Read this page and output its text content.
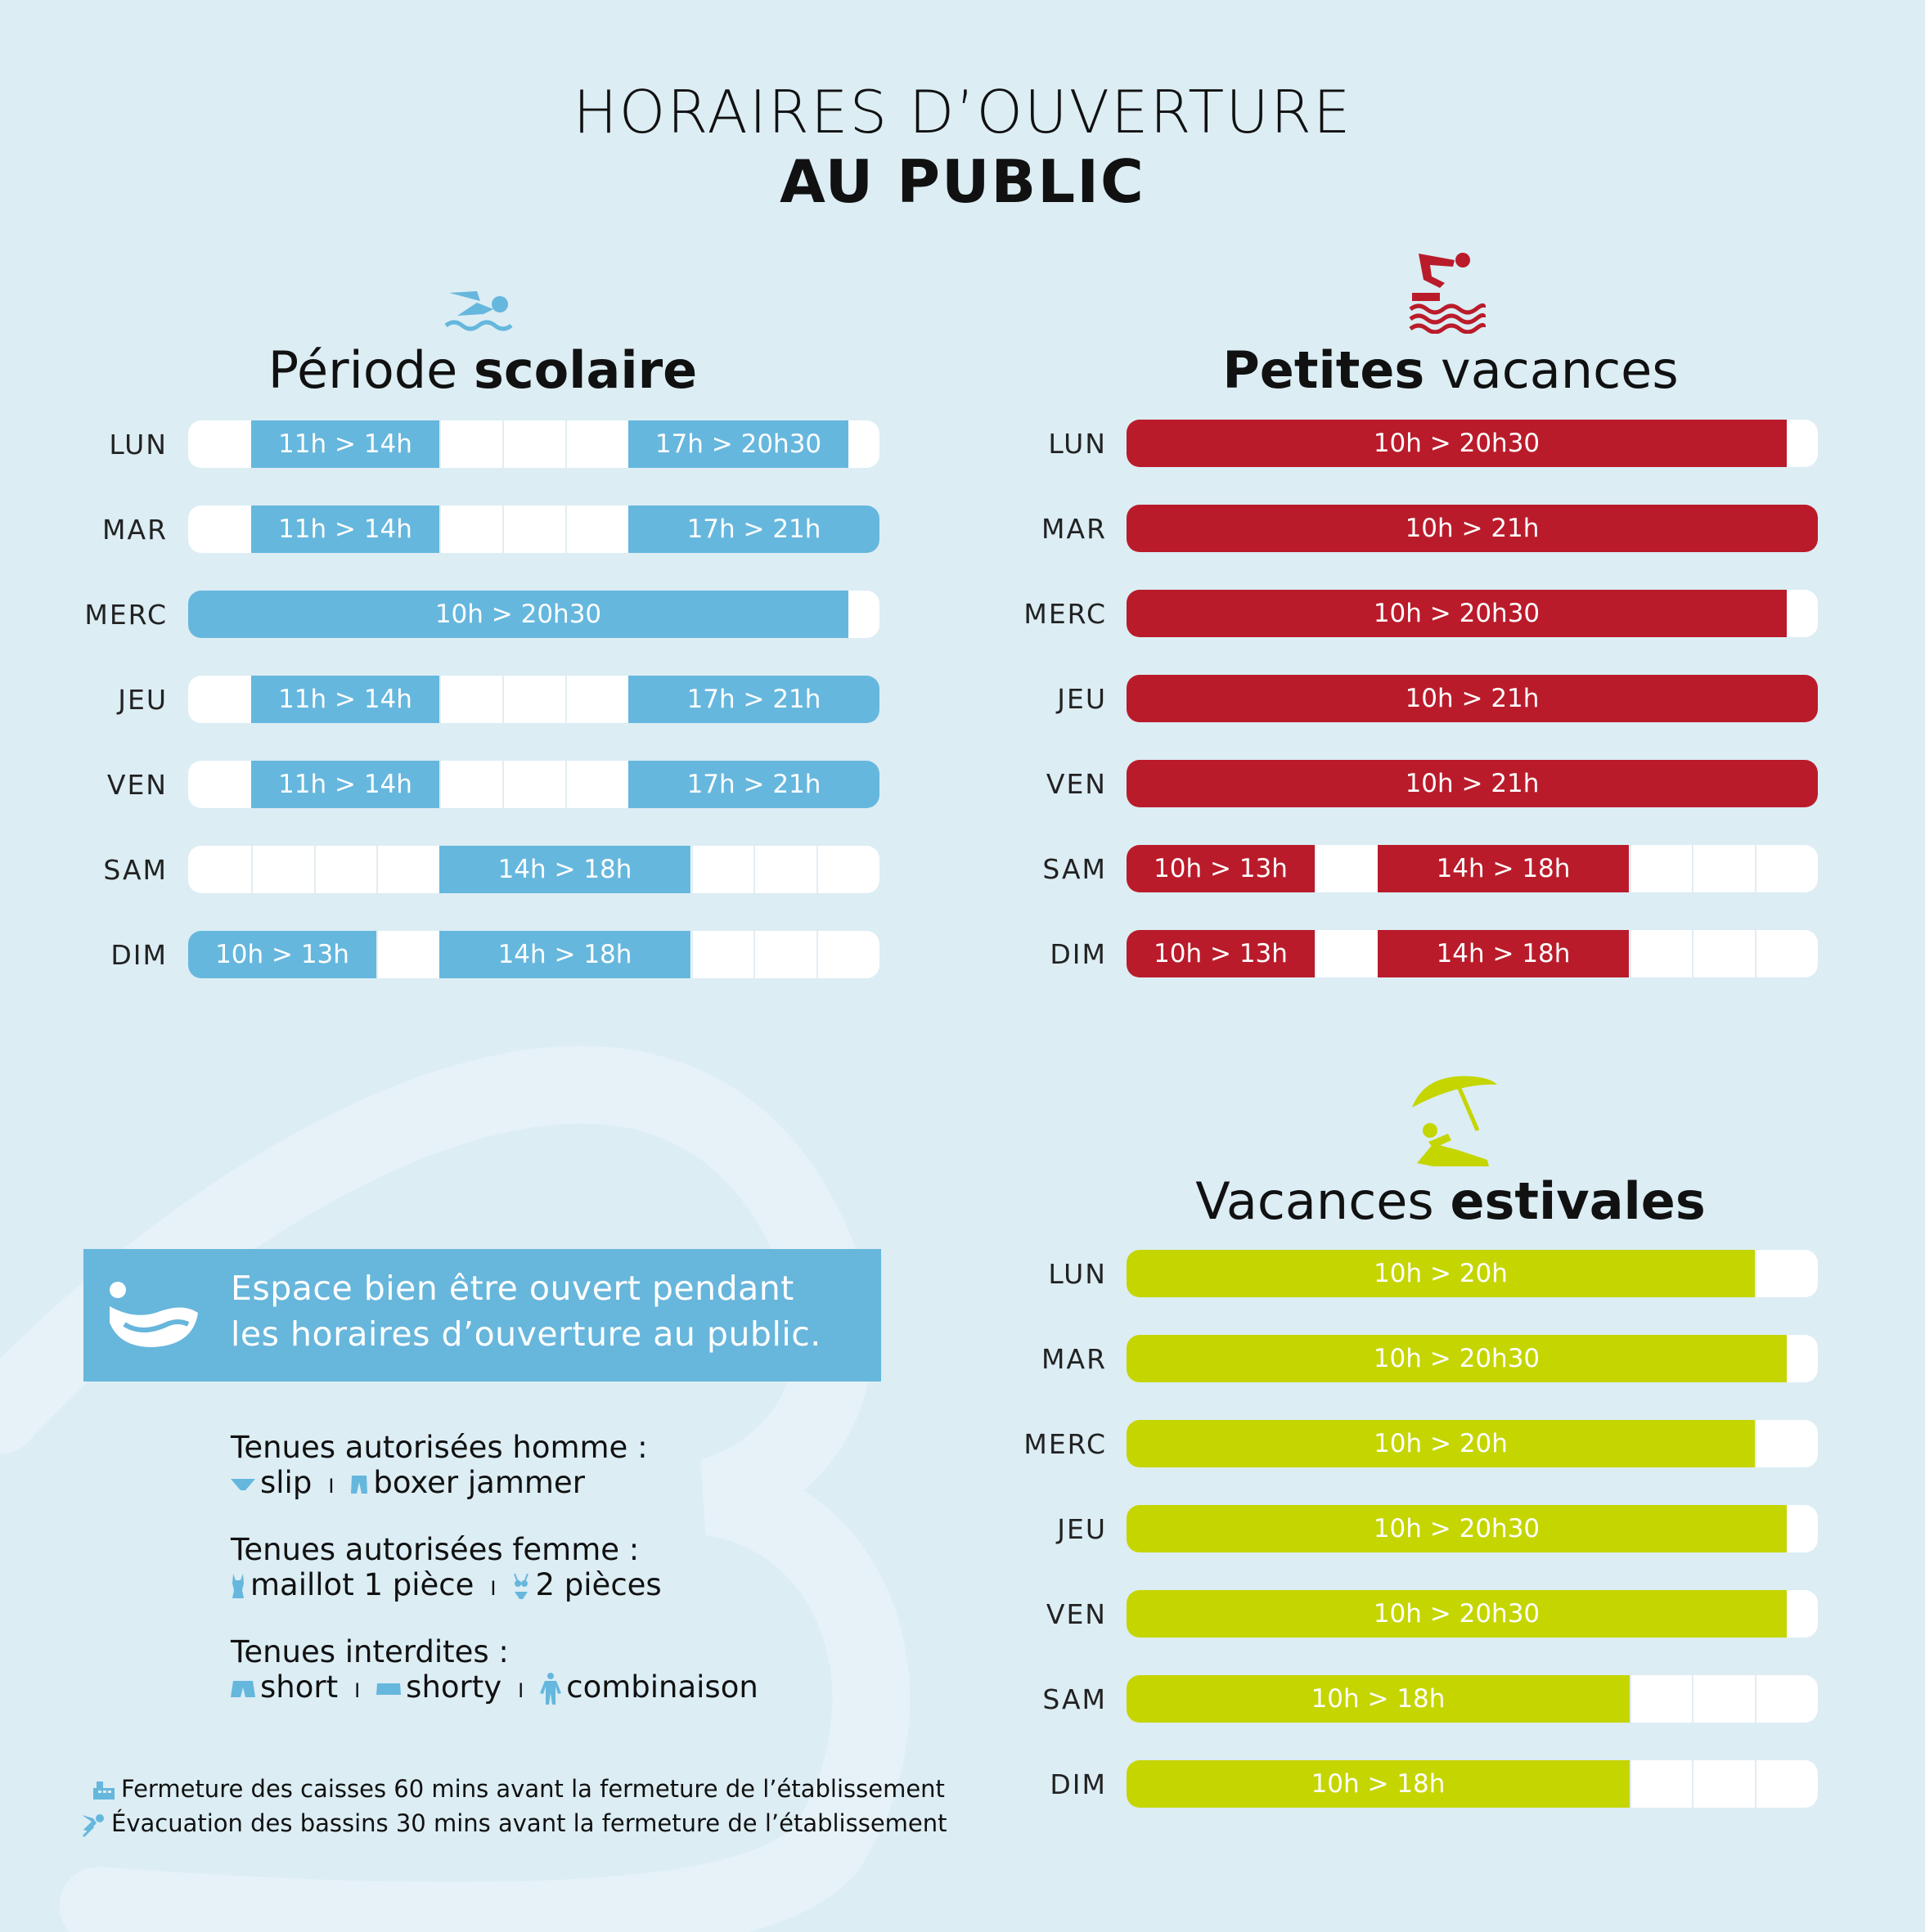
HORAIRES D’OUVERTURE
AU PUBLIC
Période scolaire	Petites vacances
Vacances estivales
LUN	11h > 14h	17h > 20h30
MAR	11h > 14h	17h > 21h
MERC	10h > 20h30
JEU	11h > 14h	17h > 21h
VEN	11h > 14h	17h > 21h
SAM	14h > 18h
DIM	10h > 13h	14h > 18h
LUN	10h > 20h30
MAR	10h > 21h
MERC	10h > 20h30
JEU	10h > 21h
VEN	10h > 21h
SAM	10h > 13h	14h > 18h
DIM	10h > 13h	14h > 18h
LUN	10h > 20h
MAR	10h > 20h30
MERC	10h > 20h
JEU	10h > 20h30
VEN	10h > 20h30
SAM	10h > 18h
DIM	10h > 18h
Espace bien être ouvert pendant
les horaires d’ouverture au public.
Tenues autorisées homme :
slip I boxer jammer
Tenues autorisées femme :
maillot 1 pièce I 2 pièces
Tenues interdites :
short I shorty I combinaison
Fermeture des caisses 60 mins avant la fermeture de l’établissement
Évacuation des bassins 30 mins avant la fermeture de l’établissement
